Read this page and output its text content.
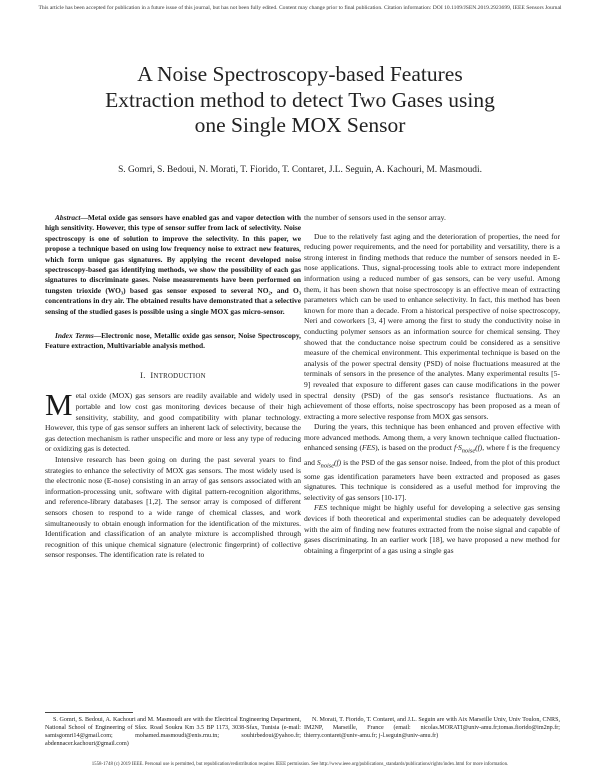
This article has been accepted for publication in a future issue of this journal, but has not been fully edited. Content may change prior to final publication. Citation information: DOI 10.1109/JSEN.2019.2923699, IEEE Sensors Journal
A Noise Spectroscopy-based Features
Extraction method to detect Two Gases using
one Single MOX Sensor
S. Gomri, S. Bedoui, N. Morati, T. Fiorido, T. Contaret, J.L. Seguin, A. Kachouri, M. Masmoudi.

Abstract—Metal oxide gas sensors have enabled gas and vapor detection with high sensitivity. However, this type of sensor suffer from lack of selectivity. Noise spectroscopy is one of solution to improve the selectivity. In this paper, we propose a technique based on using low frequency noise to extract new features, which form unique gas signatures. By applying the recent developed noise spectroscopy-based gas identifying methods, we show the possibility of each gas signatures to discriminate gases. Noise measurements have been performed on tungsten trioxide (WO₃) based gas sensor exposed to several NO₂, and O₃ concentrations in dry air. The obtained results have demonstrated that a selective sensing of the studied gases is possible using a single MOX gas micro-sensor.

Index Terms—Electronic nose, Metallic oxide gas sensor, Noise Spectroscopy, Feature extraction, Multivariable analysis method.

I. INTRODUCTION

Metal oxide (MOX) gas sensors are readily available and widely used in portable and low cost gas monitoring devices because of their high sensitivity, stability, and good compatibility with planar technology. However, this type of gas sensor suffers an inherent lack of selectivity, because the gas detection mechanism is rather unspecific and more or less any type of reducing or oxidizing gas is detected.

Intensive research has been going on during the past several years to find strategies to enhance the selectivity of MOX gas sensors. The most widely used is the electronic nose (E-nose) consisting in an array of gas sensors associated with an information-processing unit, software with digital pattern-recognition algorithms, and reference-library databases [1,2]. The sensor array is composed of different sensors chosen to respond to a wide range of chemical classes, and work simultaneously to obtain enough information for the identification of the mixtures. Identification and classification of an analyte mixture is accomplished through recognition of this unique chemical signature (electronic fingerprint) of collective sensor responses. The identification rate is related to

the number of sensors used in the sensor array.

Due to the relatively fast aging and the deterioration of properties, the need for reducing power requirements, and the need for portability and versatility, there is a strong interest in finding methods that reduce the number of sensors needed in E-nose applications. Thus, signal-processing tools able to extract more independent information using a reduced number of gas sensors, can be very useful. Among them, it has been shown that noise spectroscopy is an effective mean of extracting parameters which can be used to enhance selectivity. In fact, this method has been known for more than a decade. From a historical perspective of noise spectroscopy, Neri and coworkers [3, 4] were among the first to study the conductivity noise in conducting polymer sensors as an information source for chemical sensing. They showed that the conductance noise spectrum could be considered as a sensitive measure of the chemical environment. This experimental technique is based on the analysis of the power spectral density (PSD) of noise fluctuations measured at the terminals of sensors in the presence of the analytes. Many experimental results [5-9] revealed that exposure to different gases can cause modifications in the power spectral density (PSD) of the gas sensor's resistance fluctuations. As an achievement of those efforts, noise spectroscopy has been proposed as a mean of extracting a more selective response from MOX gas sensors.

During the years, this technique has been enhanced and proven effective with more advanced methods. Among them, a very known technique called fluctuation-enhanced sensing (FES), is based on the product $f\cdot S_{noise}(f)$, where f is the frequency and $S_{noise}(f)$ is the PSD of the gas sensor noise. Indeed, from the plot of this product some gas identification parameters have been extracted and proposed as gases signatures. This technique is considered as a useful method for improving the selectivity of gas sensors [10-17].

FES technique might be highly useful for developing a selective gas sensing devices if both theoretical and experimental studies can be adequately developed with the aim of finding new features extracted from the noise signal and capable of gases discriminating. In an earlier work [18], we have proposed a new method for obtaining a fingerprint of a gas using a single gas

S. Gomri, S. Bedoui, A. Kachouri and M. Masmoudi are with the Electrical Engineering Department, National School of Engineering of Sfax. Road Soukra Km 3.5 BP 1173, 3038-Sfax, Tunisia (e-mail: samisgomri14@gmail.com; mohamed.masmoudi@enis.rnu.tn; souhirbedoui@yahoo.fr; abdennacer.kachouri@gmail.com)
N. Morati, T. Fiorido, T. Contaret, and J.L. Seguin are with Aix Marseille Univ, Univ Toulon, CNRS, IM2NP, Marseille, France (email: nicolas.MORATI@univ-amu.fr;tomas.fiorido@im2np.fr; thierry.contaret@univ-amu.fr; j-l.seguin@univ-amu.fr)
1558-1748 (c) 2019 IEEE. Personal use is permitted, but republication/redistribution requires IEEE permission. See http://www.ieee.org/publications_standards/publications/rights/index.html for more information.
